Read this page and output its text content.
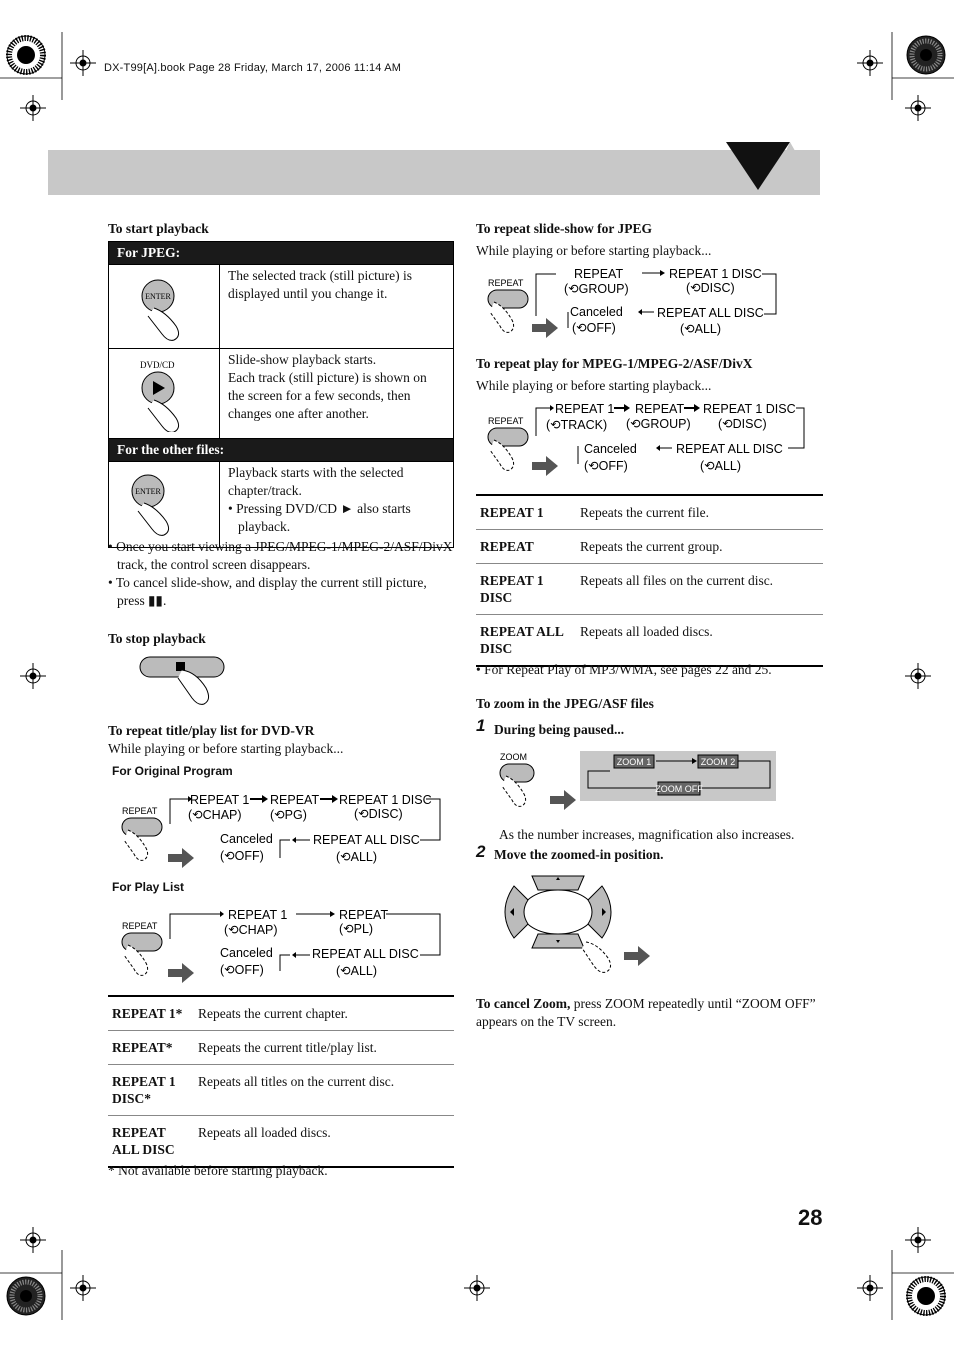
DX-T99[A].book Page 28 Friday, March 17, 2006 11:14 AM
To start playback
For JPEG:	

ENTER	The selected track (still picture) is displayed until you change it.

DVD/CD	Slide-show playback starts.
Each track (still picture) is shown on the screen for a few seconds, then changes one after another.
For the other files:	

ENTER	Playback starts with the selected chapter/track.
• Pressing DVD/CD ► also starts playback.
• Once you start viewing a JPEG/MPEG-1/MPEG-2/ASF/DivX track, the control screen disappears.
• To cancel slide-show, and display the current still picture, press ▮▮.
To stop playback
To repeat title/play list for DVD-VR
While playing or before starting playback...
For Original Program
REPEAT
REPEAT 1
(⟲CHAP)
REPEAT
(⟲PG)
REPEAT 1 DISC
(⟲DISC)
Canceled
(⟲OFF)
REPEAT ALL DISC
(⟲ALL)
For Play List
REPEAT
REPEAT 1
(⟲CHAP)
REPEAT
(⟲PL)
Canceled
(⟲OFF)
REPEAT ALL DISC
(⟲ALL)
REPEAT 1*	Repeats the current chapter.
REPEAT*	Repeats the current title/play list.
REPEAT 1 DISC*	Repeats all titles on the current disc.
REPEAT ALL DISC	Repeats all loaded discs.
* Not available before starting playback.
To repeat slide-show for JPEG
While playing or before starting playback...
REPEAT
REPEAT
(⟲GROUP)
REPEAT 1 DISC
(⟲DISC)
Canceled
(⟲OFF)
REPEAT ALL DISC
(⟲ALL)
To repeat play for MPEG-1/MPEG-2/ASF/DivX
While playing or before starting playback...
REPEAT
REPEAT 1
(⟲TRACK)
REPEAT
(⟲GROUP)
REPEAT 1 DISC
(⟲DISC)
Canceled
(⟲OFF)
REPEAT ALL DISC
(⟲ALL)
REPEAT 1	Repeats the current file.
REPEAT	Repeats the current group.
REPEAT 1 DISC	Repeats all files on the current disc.
REPEAT ALL DISC	Repeats all loaded discs.
• For Repeat Play of MP3/WMA, see pages 22 and 25.
To zoom in the JPEG/ASF files
1 During being paused...
ZOOM	ZOOM 1	ZOOM 2
ZOOM OFF
As the number increases, magnification also increases.
2 Move the zoomed-in position.
To cancel Zoom, press ZOOM repeatedly until “ZOOM OFF” appears on the TV screen.
28
